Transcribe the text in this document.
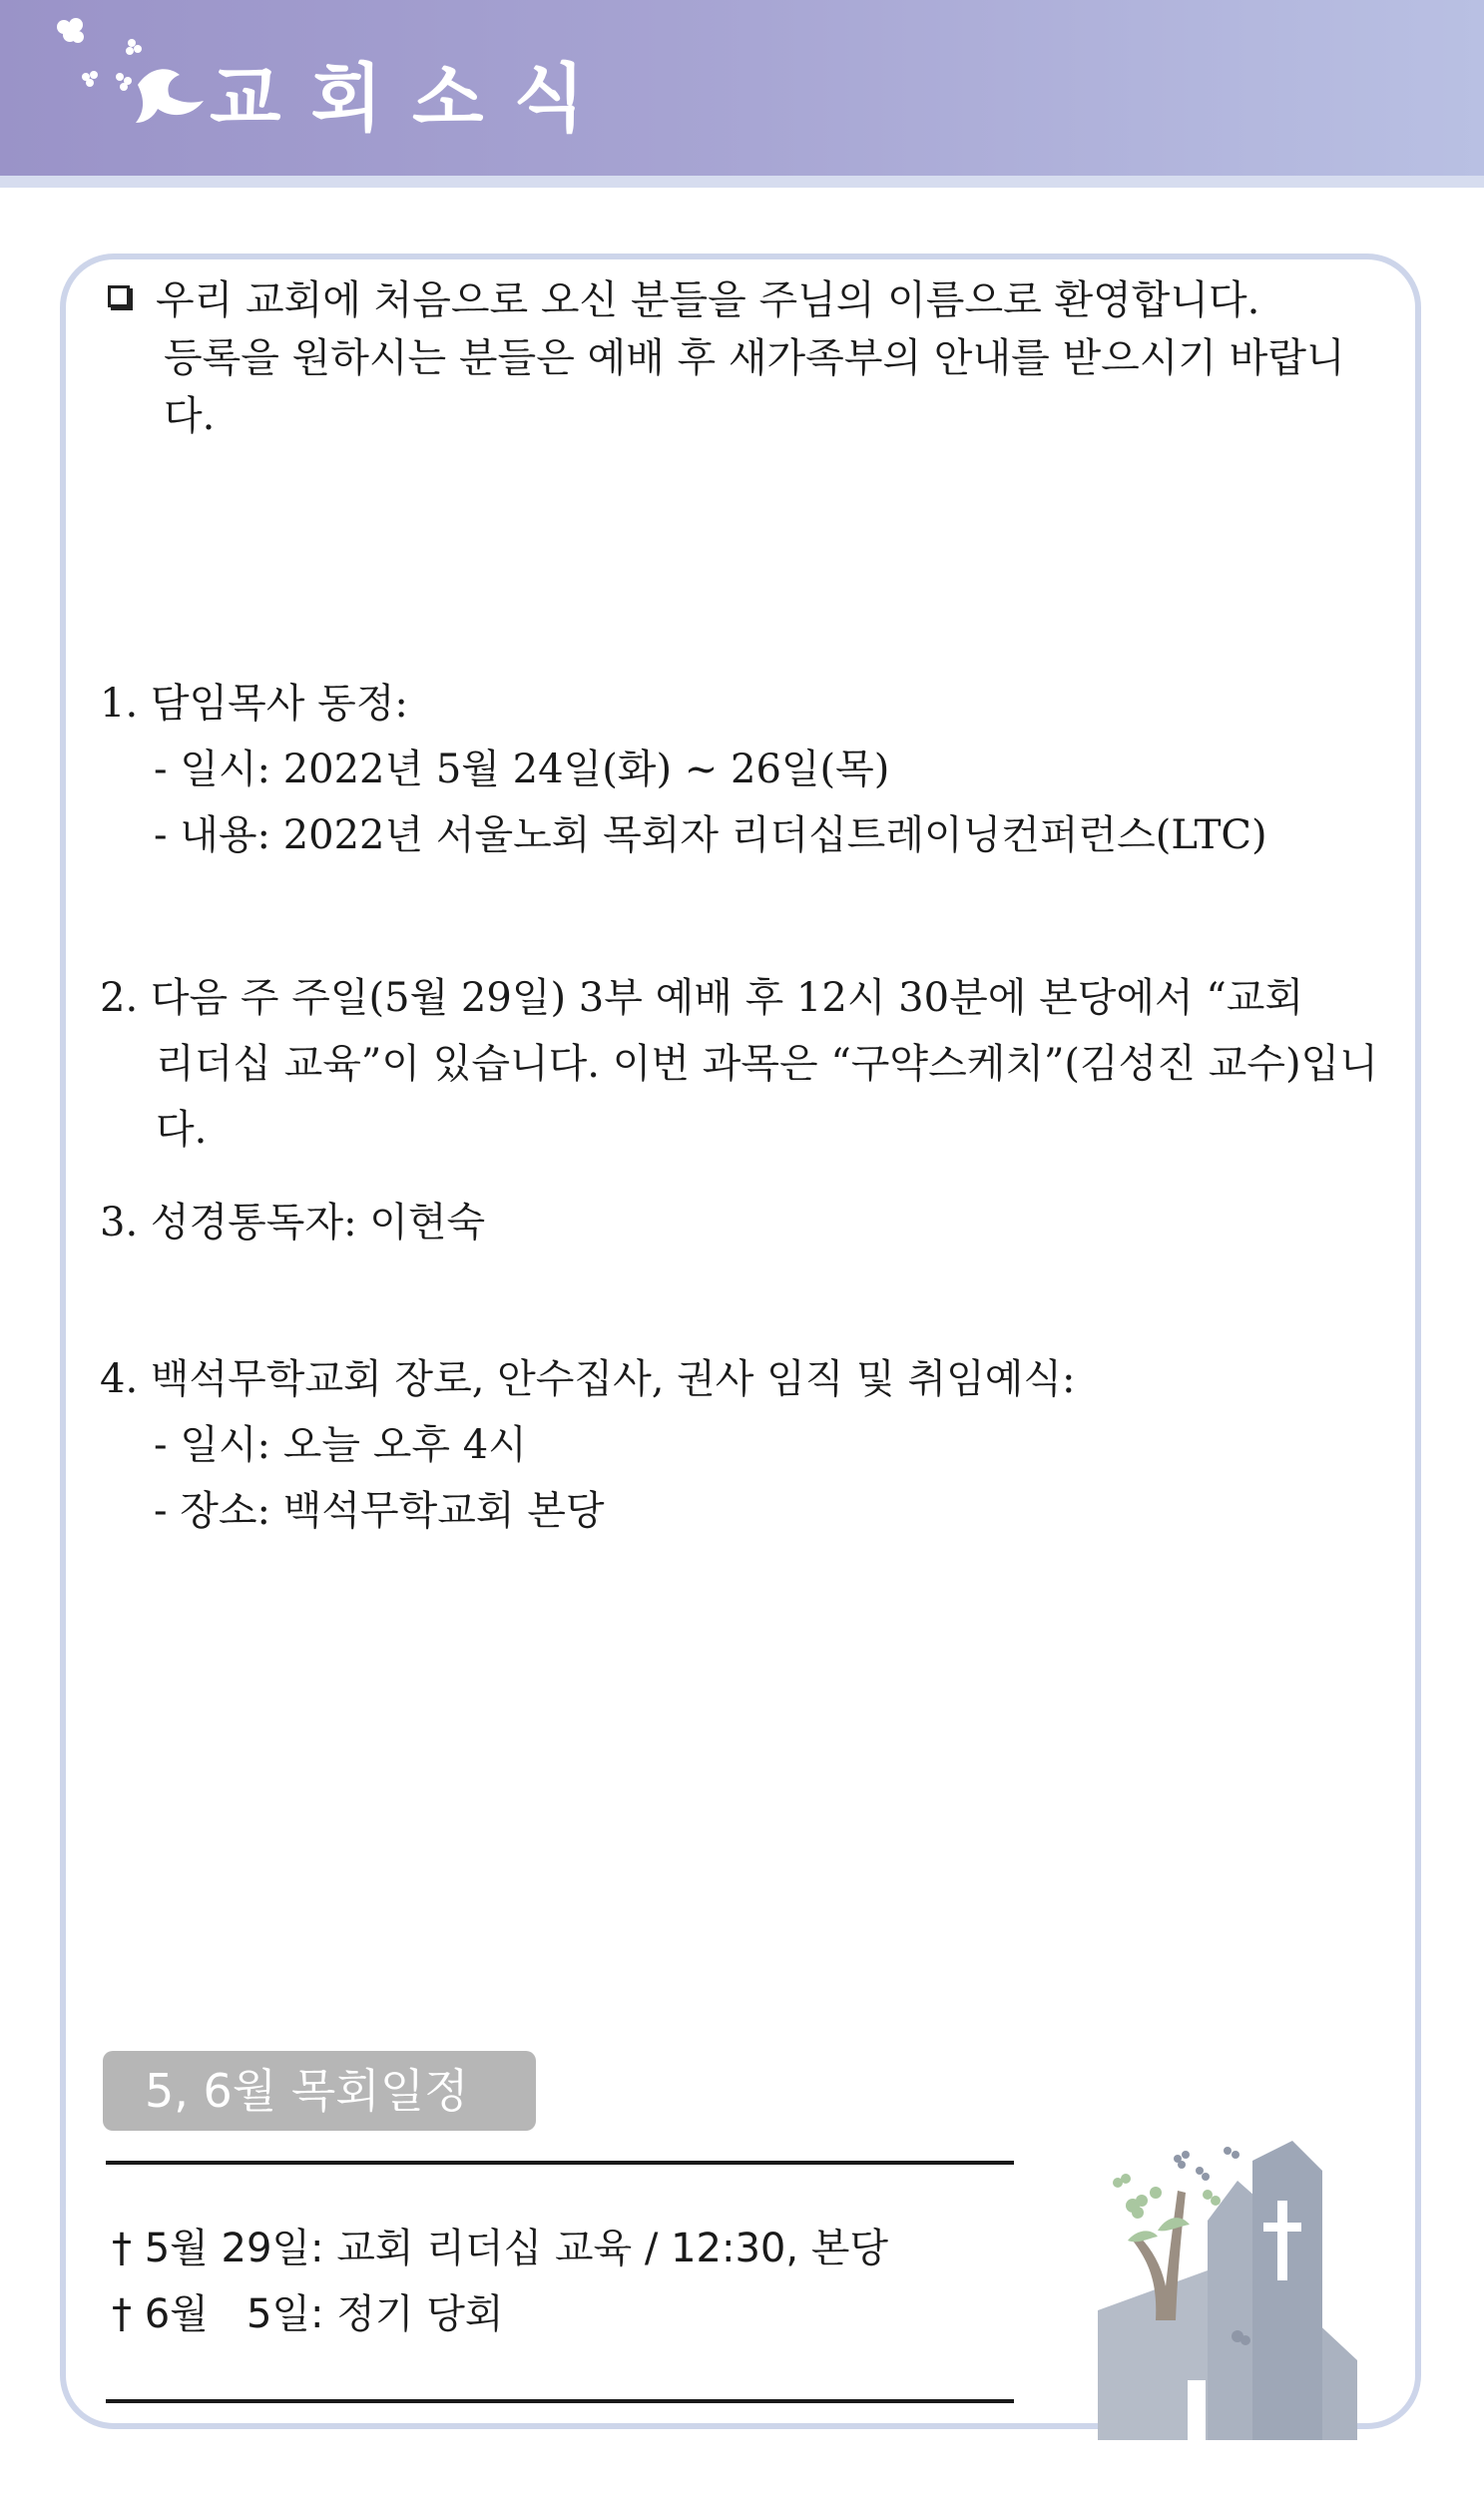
교회소식
우리 교회에 처음으로 오신 분들을 주님의 이름으로 환영합니다.
등록을 원하시는 분들은 예배 후 새가족부의 안내를 받으시기 바랍니다.
1. 담임목사 동정:
- 일시: 2022년 5월 24일(화) ~ 26일(목)
- 내용: 2022년 서울노회 목회자 리더십트레이닝컨퍼런스(LTC)
2. 다음 주 주일(5월 29일) 3부 예배 후 12시 30분에 본당에서 “교회
리더십 교육”이 있습니다. 이번 과목은 “구약스케치”(김성진 교수)입니다.
3. 성경통독자: 이현숙
4. 백석무학교회 장로, 안수집사, 권사 임직 및 취임예식:
- 일시: 오늘 오후 4시
- 장소: 백석무학교회 본당
5, 6월 목회일정
† 5월 29일: 교회 리더십 교육 / 12:30, 본당
† 6월   5일: 정기 당회
